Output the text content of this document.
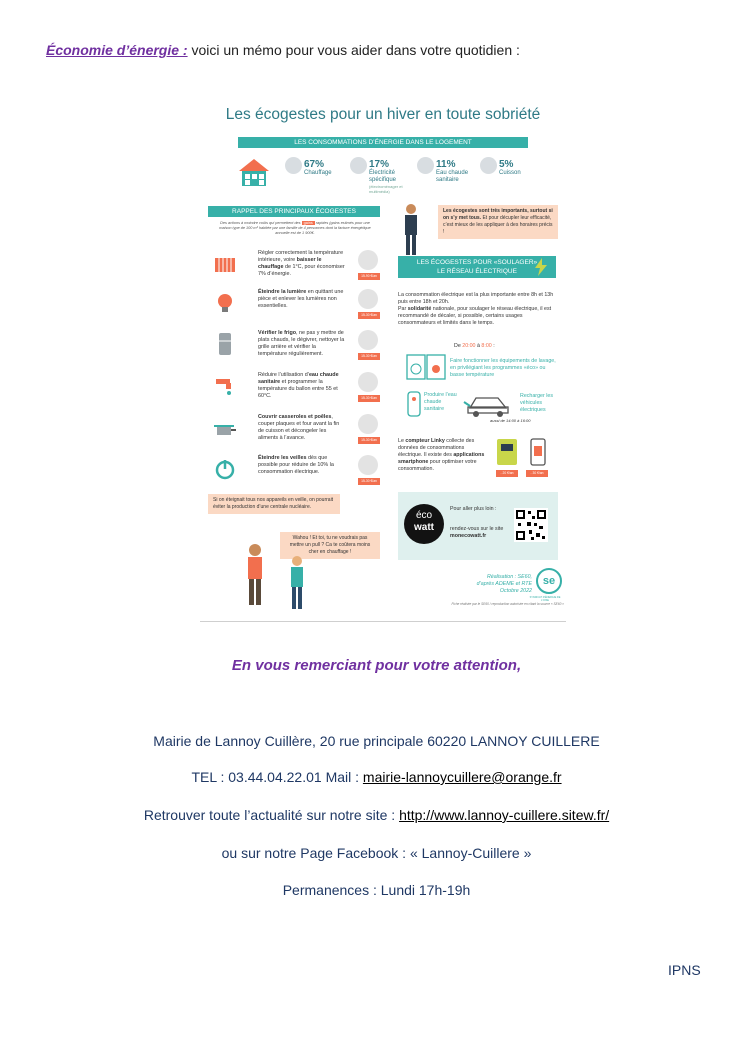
Économie d’énergie : voici un mémo pour vous aider dans votre quotidien :
Les écogestes pour un hiver en toute sobriété
LES CONSOMMATIONS D’ÉNERGIE DANS LE LOGEMENT
67%
Chauffage
17%
Électricité spécifique
(électroménager et multimédia)
11%
Eau chaude sanitaire
5%
Cuisson
RAPPEL DES PRINCIPAUX ÉCOGESTES
Des actions à moindre coûts qui permettent des gains rapides (gains estimés pour une maison type de 100 m² habitée par une famille de 4 personnes dont la facture énergétique annuelle est de 1 900€.
Régler correctement la température intérieure, voire baisser le chauffage de 1°C, pour économiser 7% d’énergie.	15-90 €/an
Éteindre la lumière en quittant une pièce et enlever les lumières non essentielles.
15-30 €/an
Vérifier le frigo, ne pas y mettre de plats chauds, le dégivrer, nettoyer la grille arrière et vérifier la température régulièrement.	15-30 €/an
Réduire l’utilisation d’eau chaude sanitaire et programmer la température du ballon entre 55 et 60°C.	15-30 €/an
Couvrir casseroles et poêles, couper plaques et four avant la fin de cuisson et décongeler les aliments à l’avance.	15-30 €/an
Éteindre les veilles dès que possible pour réduire de 10% la consommation électrique.
15-30 €/an
Si on éteignait tous nos appareils en veille, on pourrait éviter la production d’une centrale nucléaire.
Wahou ! Et toi, tu ne voudrais pas mettre un pull ? Ca te coûtera moins cher en chauffage !
Les écogestes sont très importants, surtout si on s’y met tous. Et pour décupler leur efficacité, c’est mieux de les appliquer à des horaires précis !
LES ÉCOGESTES POUR «SOULAGER»
LE RÉSEAU ÉLECTRIQUE
La consommation électrique est la plus importante entre 8h et 13h puis entre 18h et 20h.
Par solidarité nationale, pour soulager le réseau électrique, il est recommandé de décaler, si possible, certains usages consommateurs et limités dans le temps.
De 20:00 à 8:00 :
Faire fonctionner les équipements de lavage, en privilégiant les programmes «éco» ou basse température
Produire l’eau chaude sanitaire
Recharger les véhicules électriques
aussi de 14:00 à 16:00
Le compteur Linky collecte des données de consommations électrique. Il existe des applications smartphone pour optimiser votre consommation.
- 20 €/an	- 30 €/an
éco
watt
Pour aller plus loin :
rendez-vous sur le site monecowatt.fr
Réalisation : SE60,
d’après ADEME et RTE
Octobre 2022
se
SYNDICAT D'ÉNERGIE DE L'OISE
Fiche réalisée par le SE60 / reproduction autorisée en citant la source « SE60 »
En vous remerciant pour votre attention,
Mairie de Lannoy Cuillère, 20 rue principale 60220 LANNOY CUILLERE
TEL : 03.44.04.22.01 Mail : mairie-lannoycuillere@orange.fr
Retrouver toute l’actualité sur notre site : http://www.lannoy-cuillere.sitew.fr/
ou sur notre Page Facebook : « Lannoy-Cuillere »
Permanences : Lundi 17h-19h
IPNS
